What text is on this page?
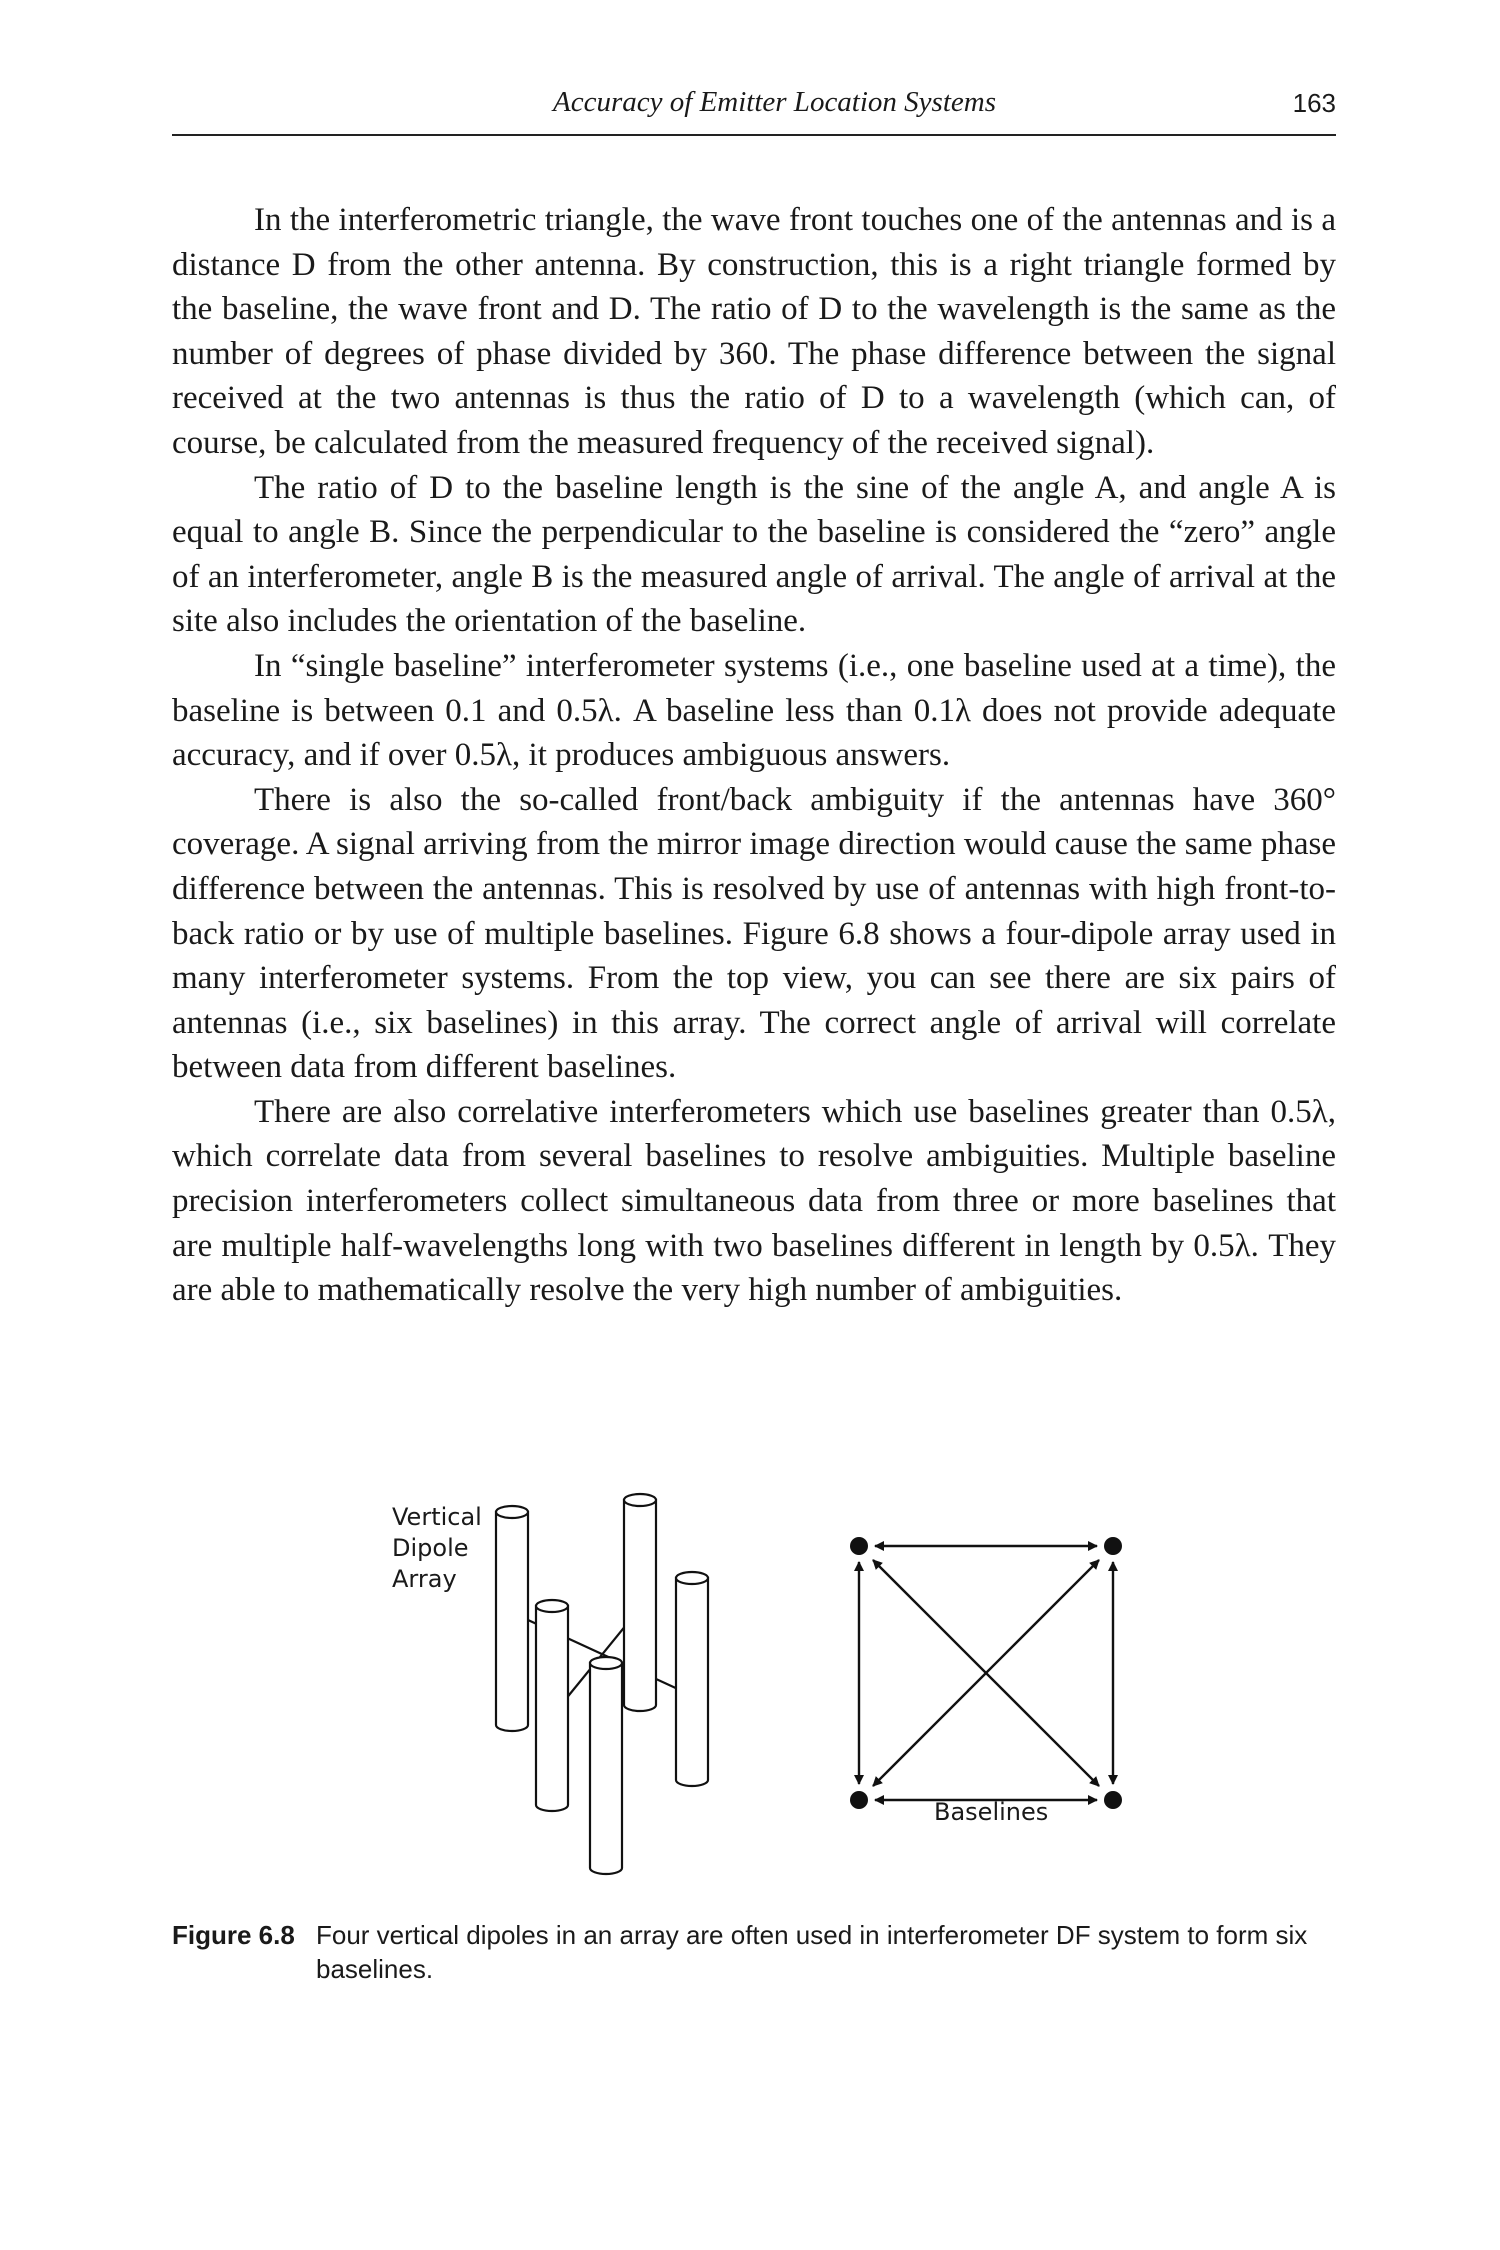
Accuracy of Emitter Location Systems	163

In the interferometric triangle, the wave front touches one of the antennas and is a distance D from the other antenna. By construction, this is a right triangle formed by the baseline, the wave front and D. The ratio of D to the wavelength is the same as the number of degrees of phase divided by 360. The phase difference between the signal received at the two antennas is thus the ratio of D to a wavelength (which can, of course, be calculated from the measured frequency of the received signal).

The ratio of D to the baseline length is the sine of the angle A, and angle A is equal to angle B. Since the perpendicular to the baseline is considered the “zero” angle of an interferometer, angle B is the measured angle of arrival. The angle of arrival at the site also includes the orientation of the baseline.

In “single baseline” interferometer systems (i.e., one baseline used at a time), the baseline is between 0.1 and 0.5λ. A baseline less than 0.1λ does not provide adequate accuracy, and if over 0.5λ, it produces ambiguous answers.

There is also the so-called front/back ambiguity if the antennas have 360° coverage. A signal arriving from the mirror image direction would cause the same phase difference between the antennas. This is resolved by use of antennas with high front-to-back ratio or by use of multiple baselines. Figure 6.8 shows a four-dipole array used in many interferometer systems. From the top view, you can see there are six pairs of antennas (i.e., six baselines) in this array. The correct angle of arrival will correlate between data from different baselines.

There are also correlative interferometers which use baselines greater than 0.5λ, which correlate data from several baselines to resolve ambiguities. Multiple baseline precision interferometers collect simultaneous data from three or more baselines that are multiple half-wavelengths long with two baselines different in length by 0.5λ. They are able to mathematically resolve the very high number of ambiguities.

Vertical
Dipole
Array
Baselines
Figure 6.8 Four vertical dipoles in an array are often used in interferometer DF system to form six baselines.
